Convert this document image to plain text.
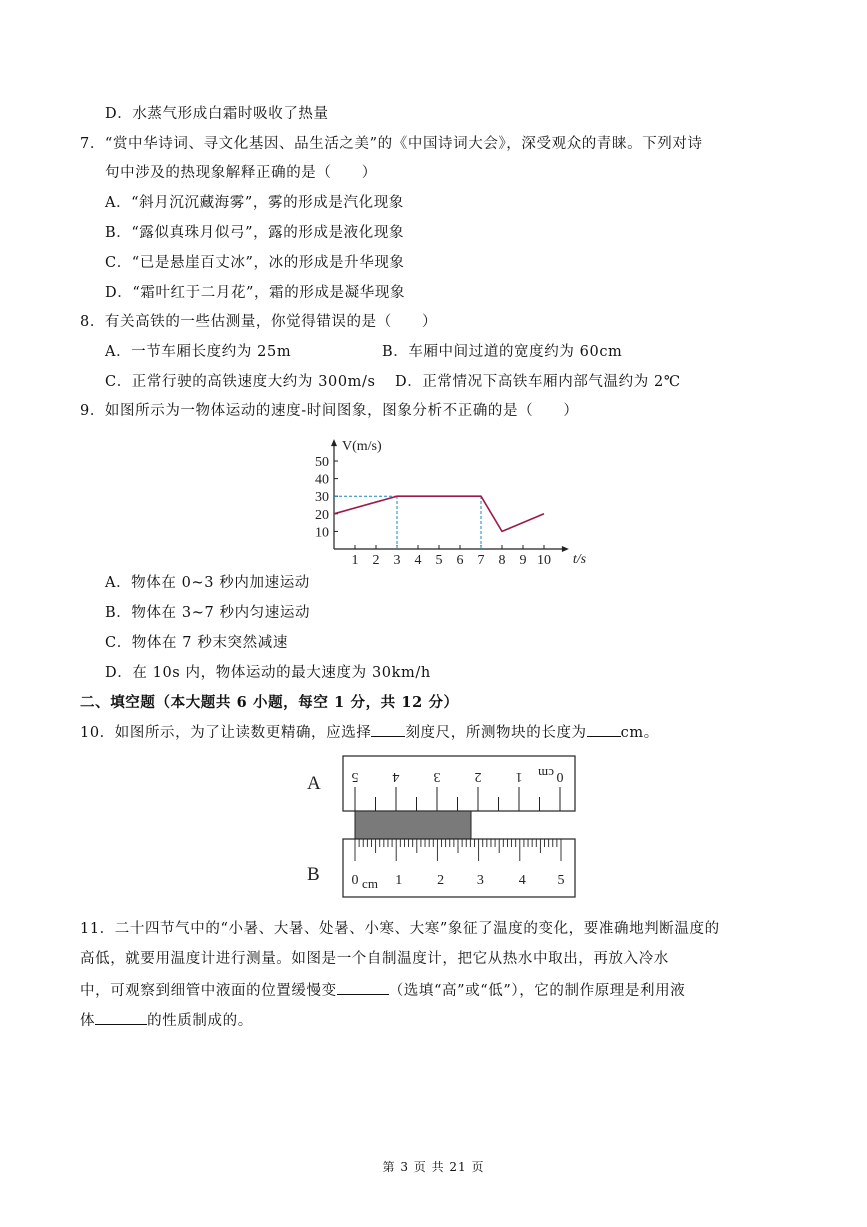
D．水蒸气形成白霜时吸收了热量
7．“赏中华诗词、寻文化基因、品生活之美”的《中国诗词大会》，深受观众的青睐。下列对诗
句中涉及的热现象解释正确的是（　　）
A．“斜月沉沉藏海雾”，雾的形成是汽化现象
B．“露似真珠月似弓”，露的形成是液化现象
C．“已是悬崖百丈冰”，冰的形成是升华现象
D．“霜叶红于二月花”，霜的形成是凝华现象
8．有关高铁的一些估测量，你觉得错误的是（　　）
A．一节车厢长度约为 25m	B．车厢中间过道的宽度约为 60cm
C．正常行驶的高铁速度大约为 300m/s D．正常情况下高铁车厢内部气温约为 2℃
9．如图所示为一物体运动的速度-时间图象，图象分析不正确的是（　　）
1 2 3 4 5 6 7 8 9 10
10
20
30
40
50
V(m/s)
t/s
A．物体在 0~3 秒内加速运动
B．物体在 3~7 秒内匀速运动
C．物体在 7 秒末突然减速
D．在 10s 内，物体运动的最大速度为 30km/h
二、填空题（本大题共 6 小题，每空 1 分，共 12 分）
10．如图所示，为了让读数更精确，应选择 刻度尺，所测物块的长度为 cm。
A 5 4 3 2 1 0
cm
B 0 cm 1 2 3 4 5
11．二十四节气中的“小暑、大暑、处暑、小寒、大寒”象征了温度的变化，要准确地判断温度的
高低，就要用温度计进行测量。如图是一个自制温度计，把它从热水中取出，再放入冷水
中，可观察到细管中液面的位置缓慢变	（选填“高”或“低”），它的制作原理是利用液
体	的性质制成的。
第 3 页 共 21 页
